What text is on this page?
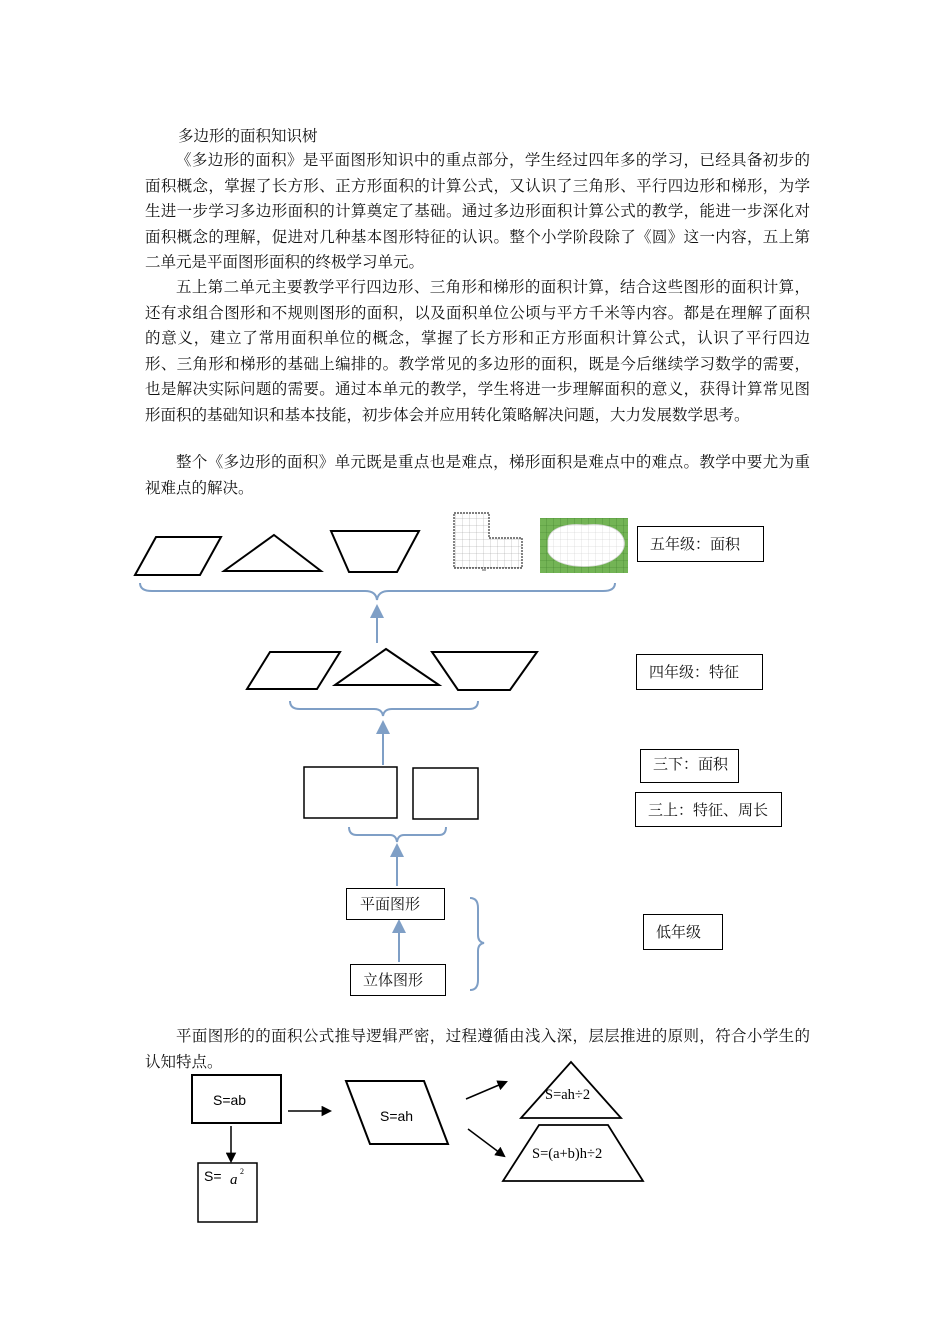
多边形的面积知识树

《多边形的面积》是平面图形知识中的重点部分，学生经过四年多的学习，已经具备初步的面积概念，掌握了长方形、正方形面积的计算公式，又认识了三角形、平行四边形和梯形，为学生进一步学习多边形面积的计算奠定了基础。通过多边形面积计算公式的教学，能进一步深化对面积概念的理解，促进对几种基本图形特征的认识。整个小学阶段除了《圆》这一内容，五上第二单元是平面图形面积的终极学习单元。

五上第二单元主要教学平行四边形、三角形和梯形的面积计算，结合这些图形的面积计算，还有求组合图形和不规则图形的面积，以及面积单位公顷与平方千米等内容。都是在理解了面积的意义，建立了常用面积单位的概念，掌握了长方形和正方形面积计算公式，认识了平行四边形、三角形和梯形的基础上编排的。教学常见的多边形的面积，既是今后继续学习数学的需要，也是解决实际问题的需要。通过本单元的教学，学生将进一步理解面积的意义，获得计算常见图形面积的基础知识和基本技能，初步体会并应用转化策略解决问题，大力发展数学思考。

整个《多边形的面积》单元既是重点也是难点，梯形面积是难点中的难点。教学中要尤为重视难点的解决。

平面图形的的面积公式推导逻辑严密，过程遵循由浅入深，层层推进的原则，符合小学生的认知特点。

S=ab
S=ah
S=ah÷2
S=(a+b)h÷2
S= a
2
五年级：面积
四年级：特征
三下：面积
三上：特征、周长
低年级
平面图形
立体图形
